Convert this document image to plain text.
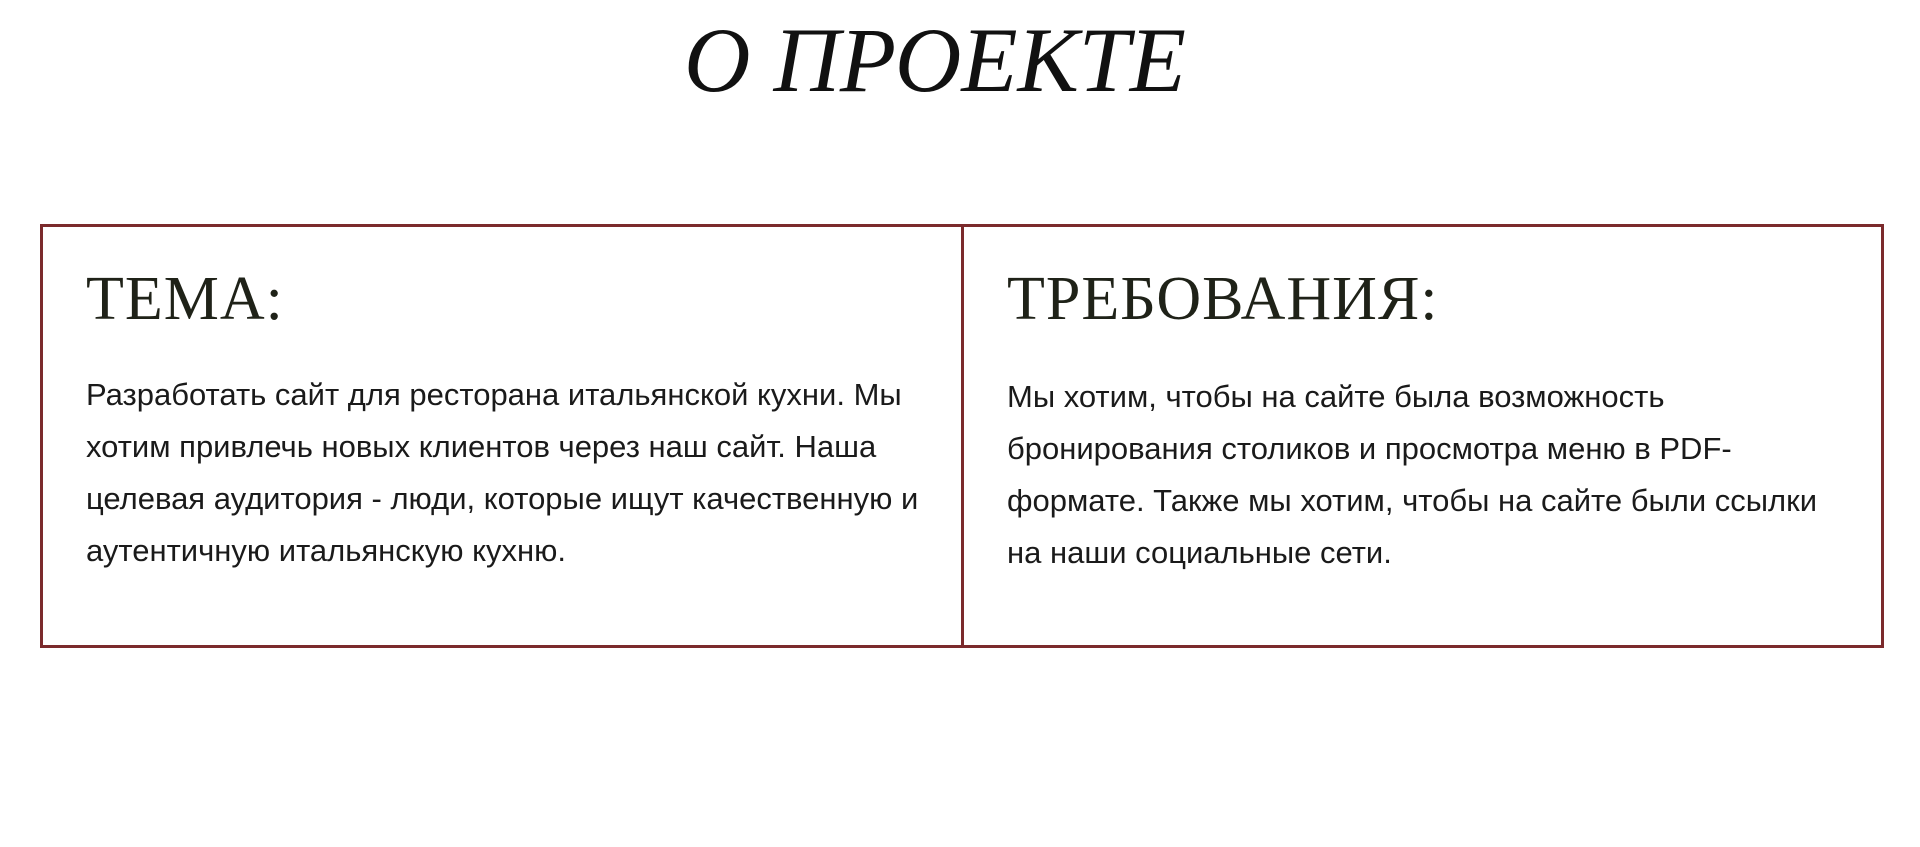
О ПРОЕКТЕ
ТЕМА:

Разработать сайт для ресторана итальянской кухни. Мы хотим привлечь новых клиентов через наш сайт. Наша целевая аудитория - люди, которые ищут качественную и аутентичную итальянскую кухню.

ТРЕБОВАНИЯ:

Мы хотим, чтобы на сайте была возможность бронирования столиков и просмотра меню в PDF-формате. Также мы хотим, чтобы на сайте были ссылки на наши социальные сети.
